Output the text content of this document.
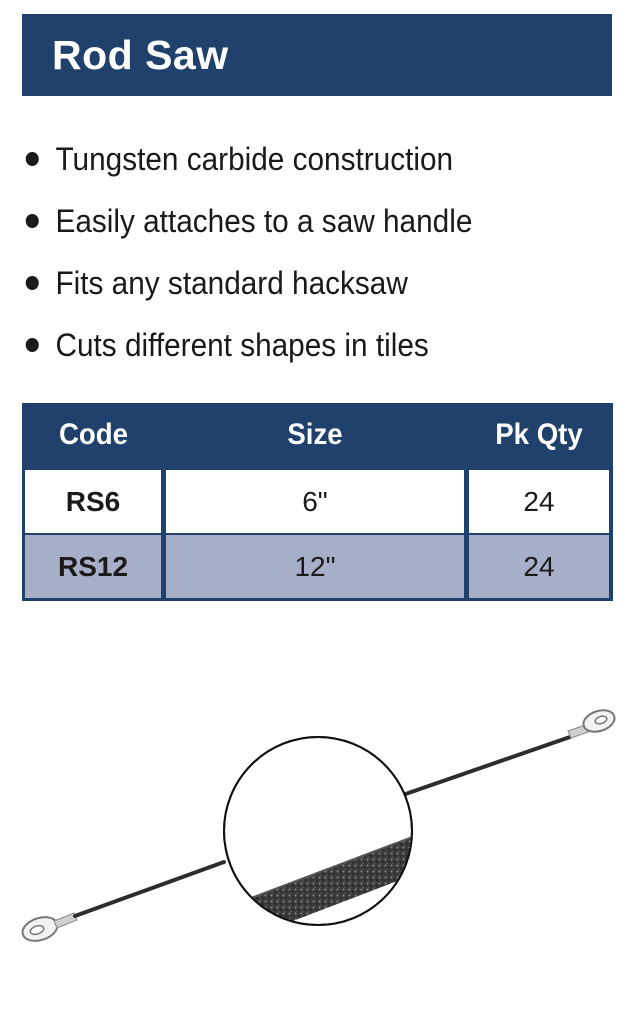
Rod Saw
Tungsten carbide construction
Easily attaches to a saw handle
Fits any standard hacksaw
Cuts different shapes in tiles
Code	Size	Pk Qty
RS6	6"	24
RS12	12"	24
